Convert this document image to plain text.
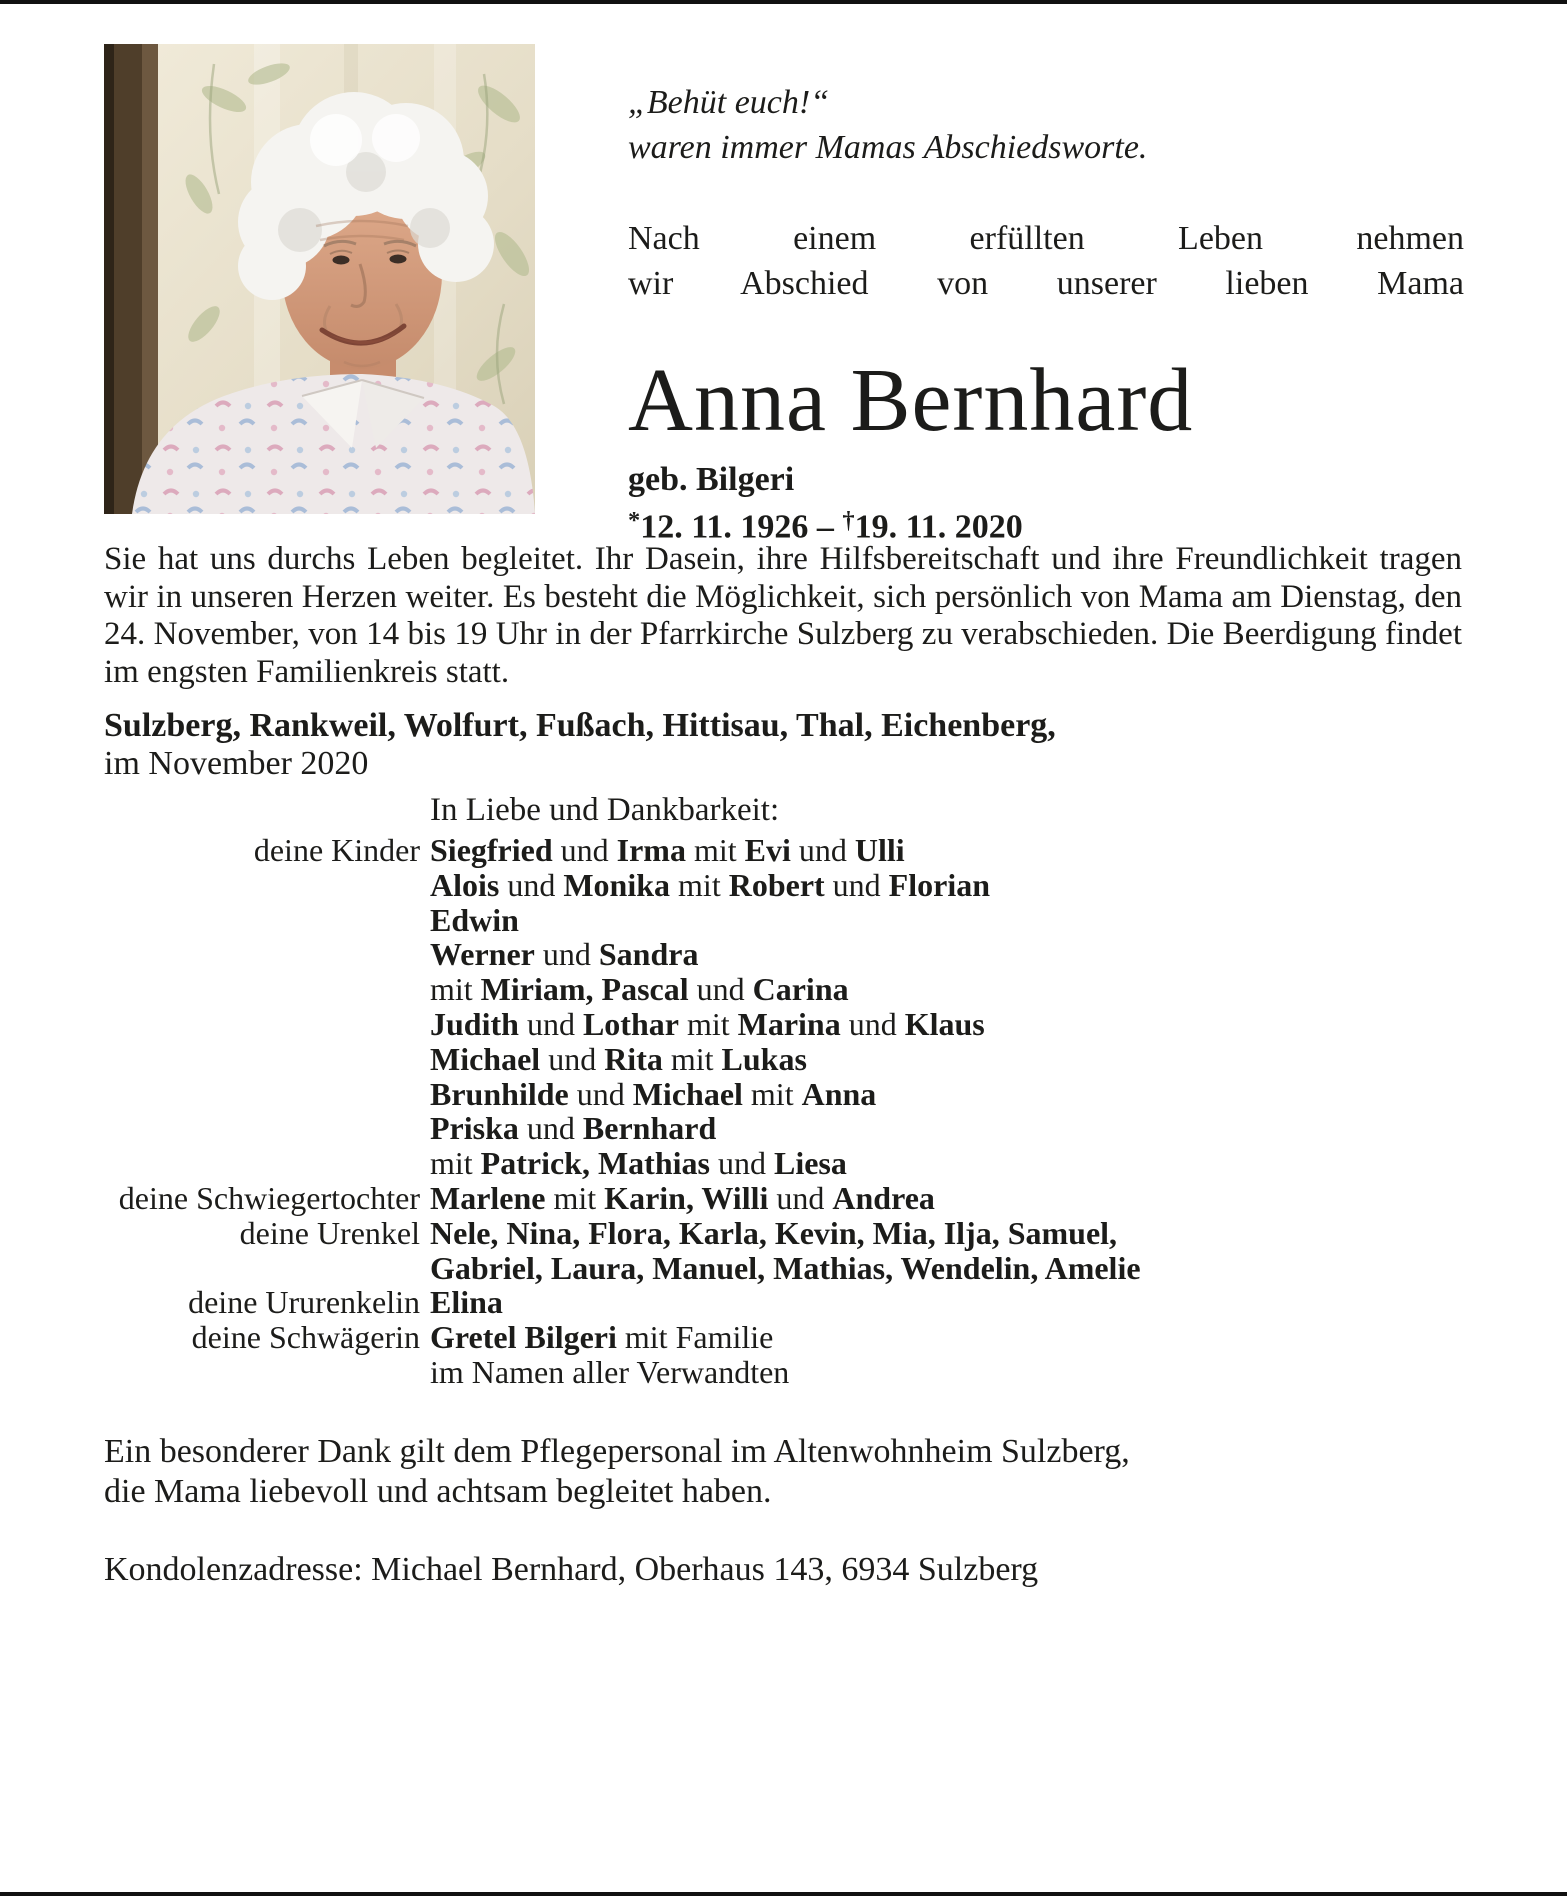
„Behüt euch!“
waren immer Mamas Abschiedsworte.
Nach einem erfüllten Leben nehmen
wir Abschied von unserer lieben Mama
Anna Bernhard
geb. Bilgeri
*12. 11. 1926 – †19. 11. 2020

Sie hat uns durchs Leben begleitet. Ihr Dasein, ihre Hilfsbereitschaft und ihre Freundlichkeit tragen wir in unseren Herzen weiter. Es besteht die Möglichkeit, sich persönlich von Mama am Dienstag, den 24. November, von 14 bis 19 Uhr in der Pfarrkirche Sulzberg zu verabschieden. Die Beerdigung findet im engsten Familienkreis statt.

Sulzberg, Rankweil, Wolfurt, Fußach, Hittisau, Thal, Eichenberg,
im November 2020
In Liebe und Dankbarkeit:
deine Kinder Siegfried und Irma mit Evi und Ulli
Alois und Monika mit Robert und Florian
Edwin
Werner und Sandra
mit Miriam, Pascal und Carina
Judith und Lothar mit Marina und Klaus
Michael und Rita mit Lukas
Brunhilde und Michael mit Anna
Priska und Bernhard
mit Patrick, Mathias und Liesa
deine Schwiegertochter Marlene mit Karin, Willi und Andrea
deine Urenkel Nele, Nina, Flora, Karla, Kevin, Mia, Ilja, Samuel,
Gabriel, Laura, Manuel, Mathias, Wendelin, Amelie
deine Ururenkelin Elina
deine Schwägerin Gretel Bilgeri mit Familie
im Namen aller Verwandten
Ein besonderer Dank gilt dem Pflegepersonal im Altenwohnheim Sulzberg,
die Mama liebevoll und achtsam begleitet haben.
Kondolenzadresse: Michael Bernhard, Oberhaus 143, 6934 Sulzberg
